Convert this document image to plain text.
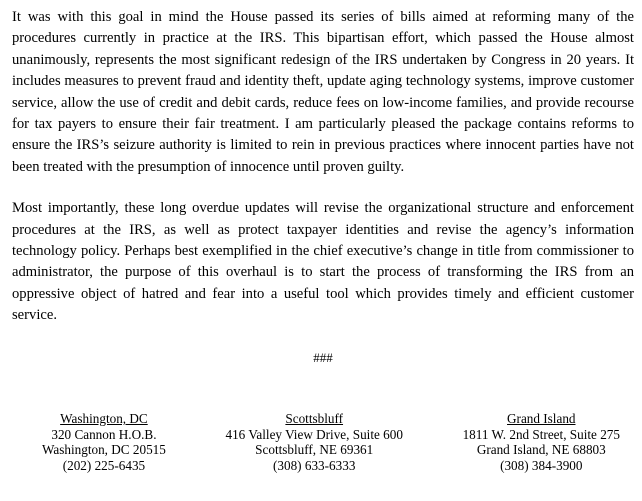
It was with this goal in mind the House passed its series of bills aimed at reforming many of the procedures currently in practice at the IRS. This bipartisan effort, which passed the House almost unanimously, represents the most significant redesign of the IRS undertaken by Congress in 20 years. It includes measures to prevent fraud and identity theft, update aging technology systems, improve customer service, allow the use of credit and debit cards, reduce fees on low-income families, and provide recourse for tax payers to ensure their fair treatment. I am particularly pleased the package contains reforms to ensure the IRS’s seizure authority is limited to rein in previous practices where innocent parties have not been treated with the presumption of innocence until proven guilty.

Most importantly, these long overdue updates will revise the organizational structure and enforcement procedures at the IRS, as well as protect taxpayer identities and revise the agency’s information technology policy. Perhaps best exemplified in the chief executive’s change in title from commissioner to administrator, the purpose of this overhaul is to start the process of transforming the IRS from an oppressive object of hatred and fear into a useful tool which provides timely and efficient customer service.

###
Washington, DC
320 Cannon H.O.B.
Washington, DC 20515
(202) 225-6435
Scottsbluff
416 Valley View Drive, Suite 600
Scottsbluff, NE 69361
(308) 633-6333
Grand Island
1811 W. 2nd Street, Suite 275
Grand Island, NE 68803
(308) 384-3900
